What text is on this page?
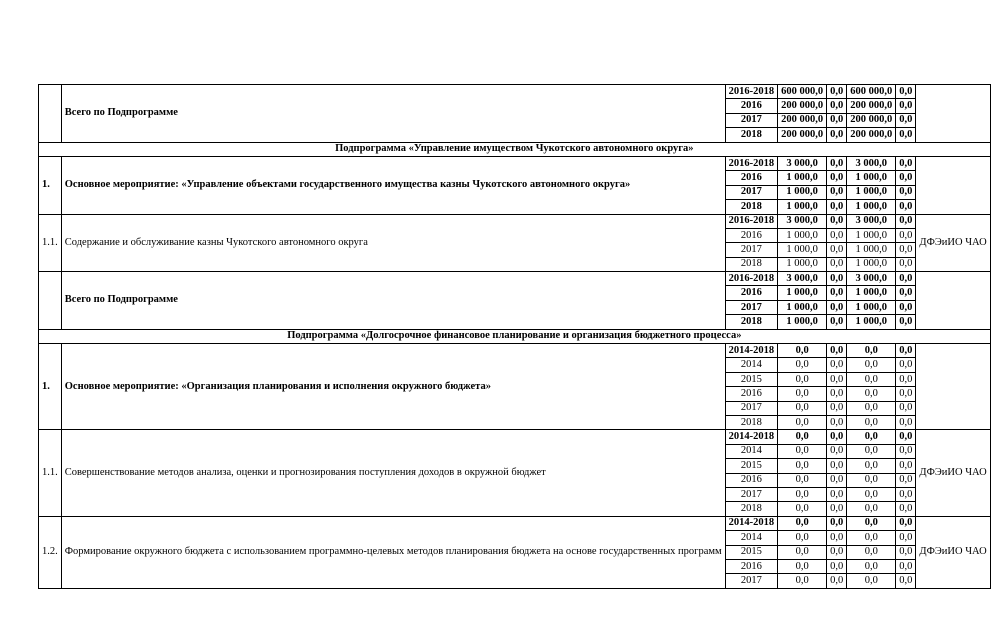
	Всего по Подпрограмме	2016-2018	600 000,0	0,0	600 000,0	0,0	
		2016	200 000,0	0,0	200 000,0	0,0	
		2017	200 000,0	0,0	200 000,0	0,0	
		2018	200 000,0	0,0	200 000,0	0,0	
Подпрограмма «Управление имуществом Чукотского автономного округа»							
1.	Основное мероприятие: «Управление объектами государственного имущества казны Чукотского автономного округа»	2016-2018	3 000,0	0,0	3 000,0	0,0	
		2016	1 000,0	0,0	1 000,0	0,0	
		2017	1 000,0	0,0	1 000,0	0,0	
		2018	1 000,0	0,0	1 000,0	0,0	
1.1.	Содержание и обслуживание казны Чукотского автономного округа	2016-2018	3 000,0	0,0	3 000,0	0,0	ДФЭиИО ЧАО
		2016	1 000,0	0,0	1 000,0	0,0	
		2017	1 000,0	0,0	1 000,0	0,0	
		2018	1 000,0	0,0	1 000,0	0,0	
	Всего по Подпрограмме	2016-2018	3 000,0	0,0	3 000,0	0,0	
		2016	1 000,0	0,0	1 000,0	0,0	
		2017	1 000,0	0,0	1 000,0	0,0	
		2018	1 000,0	0,0	1 000,0	0,0	
Подпрограмма «Долгосрочное финансовое планирование и организация бюджетного процесса»							
1.	Основное мероприятие: «Организация планирования и исполнения окружного бюджета»	2014-2018	0,0	0,0	0,0	0,0	
		2014	0,0	0,0	0,0	0,0	
		2015	0,0	0,0	0,0	0,0	
		2016	0,0	0,0	0,0	0,0	
		2017	0,0	0,0	0,0	0,0	
		2018	0,0	0,0	0,0	0,0	
1.1.	Совершенствование методов анализа, оценки и прогнозирования поступления доходов в окружной бюджет	2014-2018	0,0	0,0	0,0	0,0	ДФЭиИО ЧАО
		2014	0,0	0,0	0,0	0,0	
		2015	0,0	0,0	0,0	0,0	
		2016	0,0	0,0	0,0	0,0	
		2017	0,0	0,0	0,0	0,0	
		2018	0,0	0,0	0,0	0,0	
1.2.	Формирование окружного бюджета с использованием программно-целевых методов планирования бюджета на основе государственных программ	2014-2018	0,0	0,0	0,0	0,0	ДФЭиИО ЧАО
		2014	0,0	0,0	0,0	0,0	
		2015	0,0	0,0	0,0	0,0	
		2016	0,0	0,0	0,0	0,0	
		2017	0,0	0,0	0,0	0,0	
